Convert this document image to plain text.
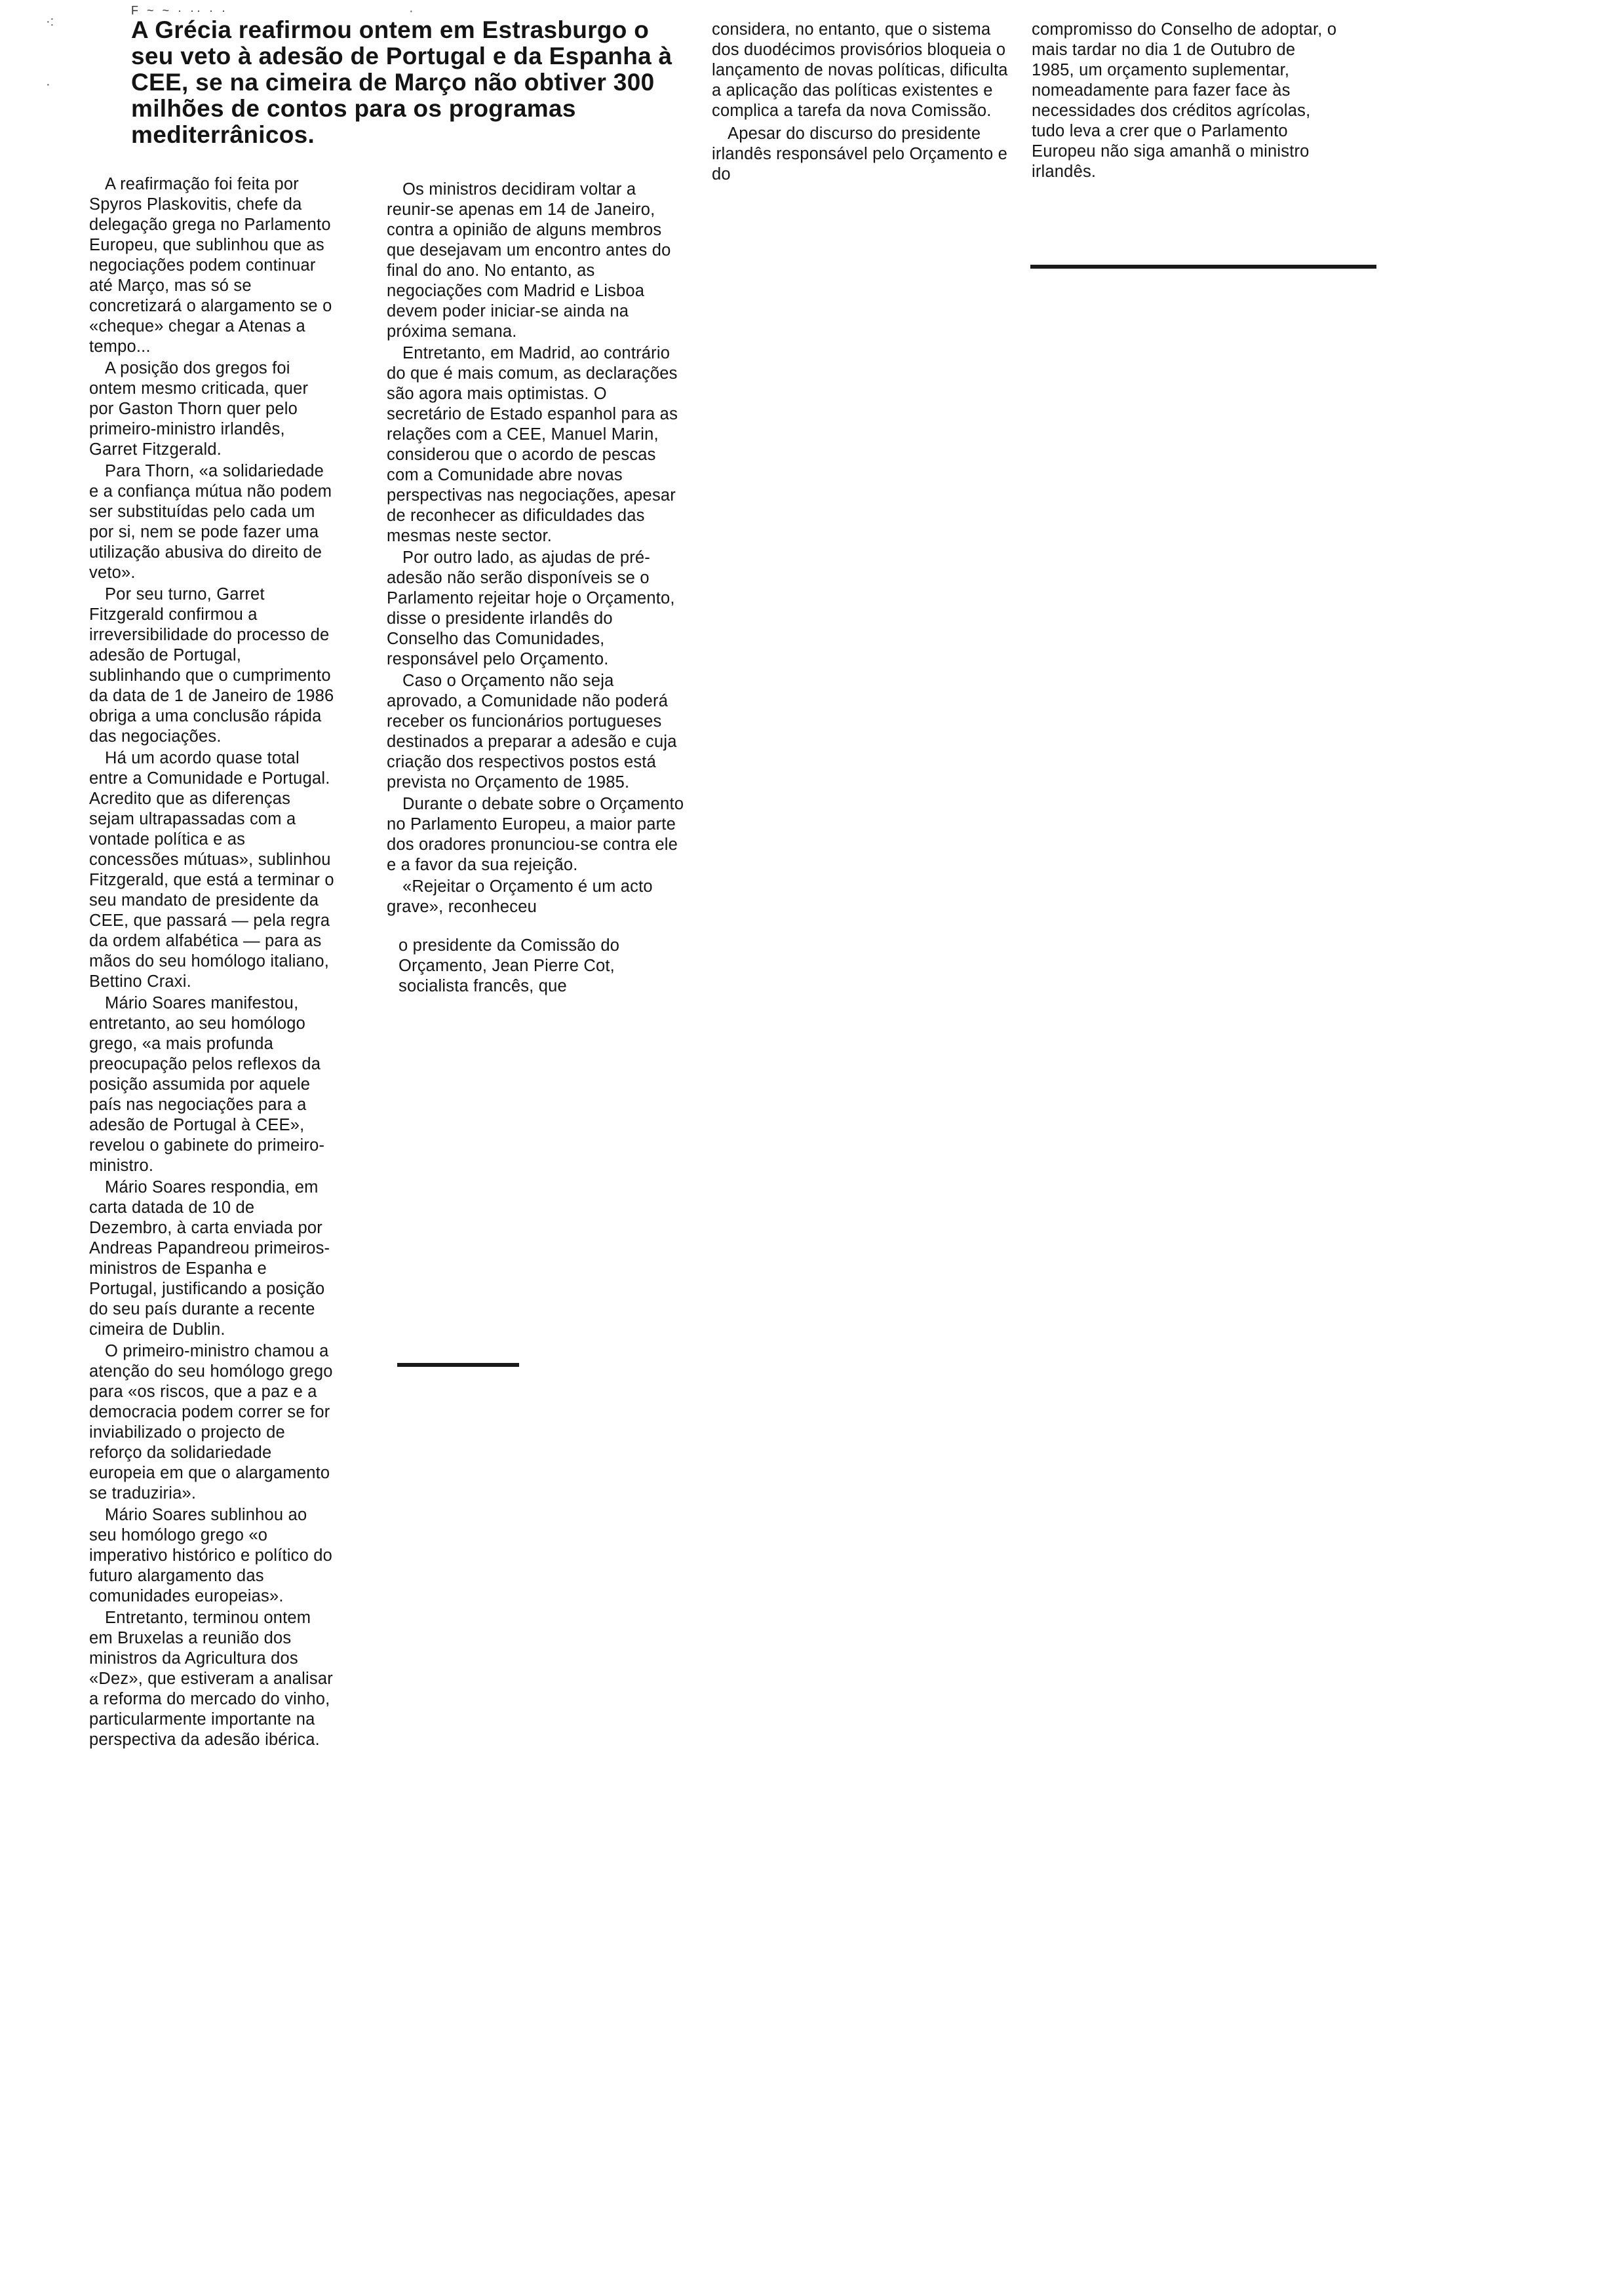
F ~ ~ · ·· · ·
·:
·
·
A Grécia reafirmou ontem em Estrasburgo o seu veto à adesão de Portugal e da Espanha à CEE, se na cimeira de Março não obtiver 300 milhões de contos para os programas mediterrânicos.

A reafirmação foi feita por Spyros Plaskovitis, chefe da delegação grega no Parlamento Europeu, que sublinhou que as negociações podem continuar até Março, mas só se concretizará o alargamento se o «cheque» chegar a Atenas a tempo...

A posição dos gregos foi ontem mesmo criticada, quer por Gaston Thorn quer pelo primeiro-ministro irlandês, Garret Fitzgerald.

Para Thorn, «a solidariedade e a confiança mútua não podem ser substituídas pelo cada um por si, nem se pode fazer uma utilização abusiva do direito de veto».

Por seu turno, Garret Fitzgerald confirmou a irreversibilidade do processo de adesão de Portugal, sublinhando que o cumprimento da data de 1 de Janeiro de 1986 obriga a uma conclusão rápida das negociações.

Há um acordo quase total entre a Comunidade e Portugal. Acredito que as diferenças sejam ultrapassadas com a vontade política e as concessões mútuas», sublinhou Fitzgerald, que está a terminar o seu mandato de presidente da CEE, que passará — pela regra da ordem alfabética — para as mãos do seu homólogo italiano, Bettino Craxi.

Mário Soares manifestou, entretanto, ao seu homólogo grego, «a mais profunda preocupação pelos reflexos da posição assumida por aquele país nas negociações para a adesão de Portugal à CEE», revelou o gabinete do primeiro-ministro.

Mário Soares respondia, em carta datada de 10 de Dezembro, à carta enviada por Andreas Papandreou primeiros-ministros de Espanha e Portugal, justificando a posição do seu país durante a recente cimeira de Dublin.

O primeiro-ministro chamou a atenção do seu homólogo grego para «os riscos, que a paz e a democracia podem correr se for inviabilizado o projecto de reforço da solidariedade europeia em que o alargamento se traduziria».

Mário Soares sublinhou ao seu homólogo grego «o imperativo histórico e político do futuro alargamento das comunidades europeias».

Entretanto, terminou ontem em Bruxelas a reunião dos ministros da Agricultura dos «Dez», que estiveram a analisar a reforma do mercado do vinho, particularmente importante na perspectiva da adesão ibérica.

Os ministros decidiram voltar a reunir-se apenas em 14 de Janeiro, contra a opinião de alguns membros que desejavam um encontro antes do final do ano. No entanto, as negociações com Madrid e Lisboa devem poder iniciar-se ainda na próxima semana.

Entretanto, em Madrid, ao contrário do que é mais comum, as declarações são agora mais optimistas. O secretário de Estado espanhol para as relações com a CEE, Manuel Marin, considerou que o acordo de pescas com a Comunidade abre novas perspectivas nas negociações, apesar de reconhecer as dificuldades das mesmas neste sector.

Por outro lado, as ajudas de pré-adesão não serão disponíveis se o Parlamento rejeitar hoje o Orçamento, disse o presidente irlandês do Conselho das Comunidades, responsável pelo Orçamento.

Caso o Orçamento não seja aprovado, a Comunidade não poderá receber os funcionários portugueses destinados a preparar a adesão e cuja criação dos respectivos postos está prevista no Orçamento de 1985.

Durante o debate sobre o Orçamento no Parlamento Europeu, a maior parte dos oradores pronunciou-se contra ele e a favor da sua rejeição.

«Rejeitar o Orçamento é um acto grave», reconheceu

o presidente da Comissão do Orçamento, Jean Pierre Cot, socialista francês, que

considera, no entanto, que o sistema dos duodécimos provisórios bloqueia o lançamento de novas políticas, dificulta a aplicação das políticas existentes e complica a tarefa da nova Comissão.

Apesar do discurso do presidente irlandês responsável pelo Orçamento e do

compromisso do Conselho de adoptar, o mais tardar no dia 1 de Outubro de 1985, um orçamento suplementar, nomeadamente para fazer face às necessidades dos créditos agrícolas, tudo leva a crer que o Parlamento Europeu não siga amanhã o ministro irlandês.
